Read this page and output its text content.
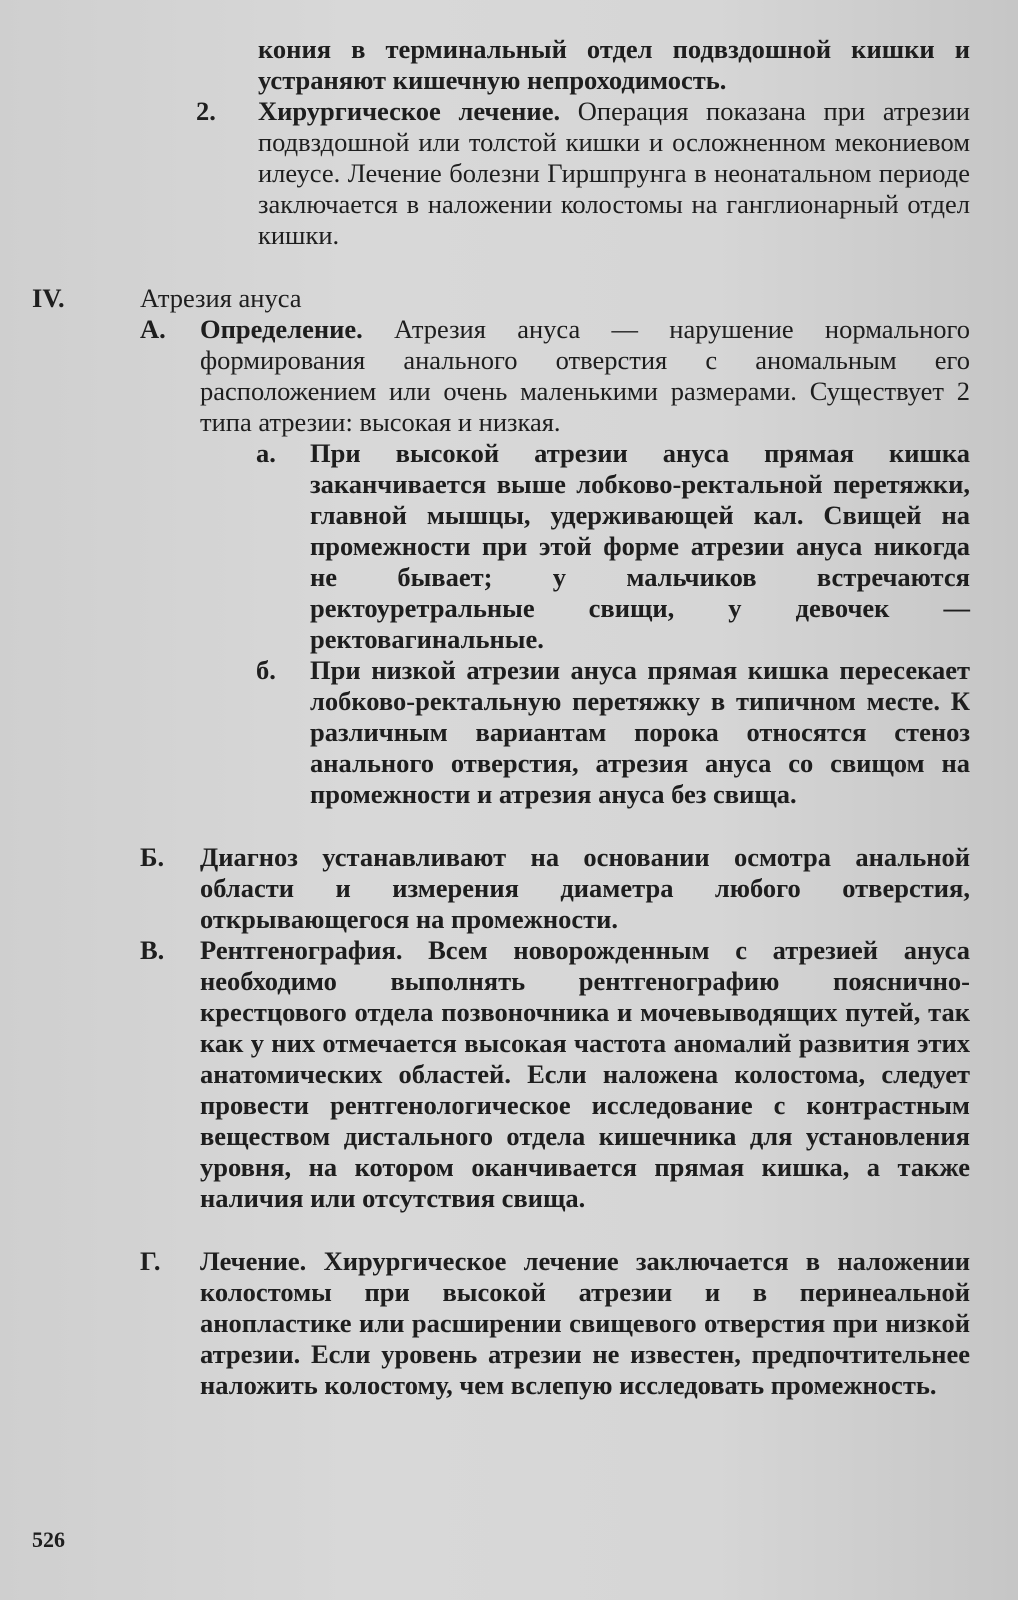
кония в терминальный отдел подвздошной кишки и устраняют кишечную непроходимость.

2. Хирургическое лечение. Операция показана при атрезии подвздошной или толстой кишки и осложненном мекониевом илеусе. Лечение болезни Гиршпрунга в неонатальном периоде заключается в наложении колостомы на ганглионарный отдел кишки.

IV.	Атрезия ануса

А. Определение. Атрезия ануса — нарушение нормального формирования анального отверстия с аномальным его расположением или очень маленькими размерами. Существует 2 типа атрезии: высокая и низкая.

а. При высокой атрезии ануса прямая кишка заканчивается выше лобково-ректальной перетяжки, главной мышцы, удерживающей кал. Свищей на промежности при этой форме атрезии ануса никогда не бывает; у мальчиков встречаются ректоуретральные свищи, у девочек — ректовагинальные.

б. При низкой атрезии ануса прямая кишка пересекает лобково-ректальную перетяжку в типичном месте. К различным вариантам порока относятся стеноз анального отверстия, атрезия ануса со свищом на промежности и атрезия ануса без свища.

Б. Диагноз устанавливают на основании осмотра анальной области и измерения диаметра любого отверстия, открывающегося на промежности.

В. Рентгенография. Всем новорожденным с атрезией ануса необходимо выполнять рентгенографию пояснично-крестцового отдела позвоночника и мочевыводящих путей, так как у них отмечается высокая частота аномалий развития этих анатомических областей. Если наложена колостома, следует провести рентгенологическое исследование с контрастным веществом дистального отдела кишечника для установления уровня, на котором оканчивается прямая кишка, а также наличия или отсутствия свища.

Г. Лечение. Хирургическое лечение заключается в наложении колостомы при высокой атрезии и в перинеальной анопластике или расширении свищевого отверстия при низкой атрезии. Если уровень атрезии не известен, предпочтительнее наложить колостому, чем вслепую исследовать промежность.

526
